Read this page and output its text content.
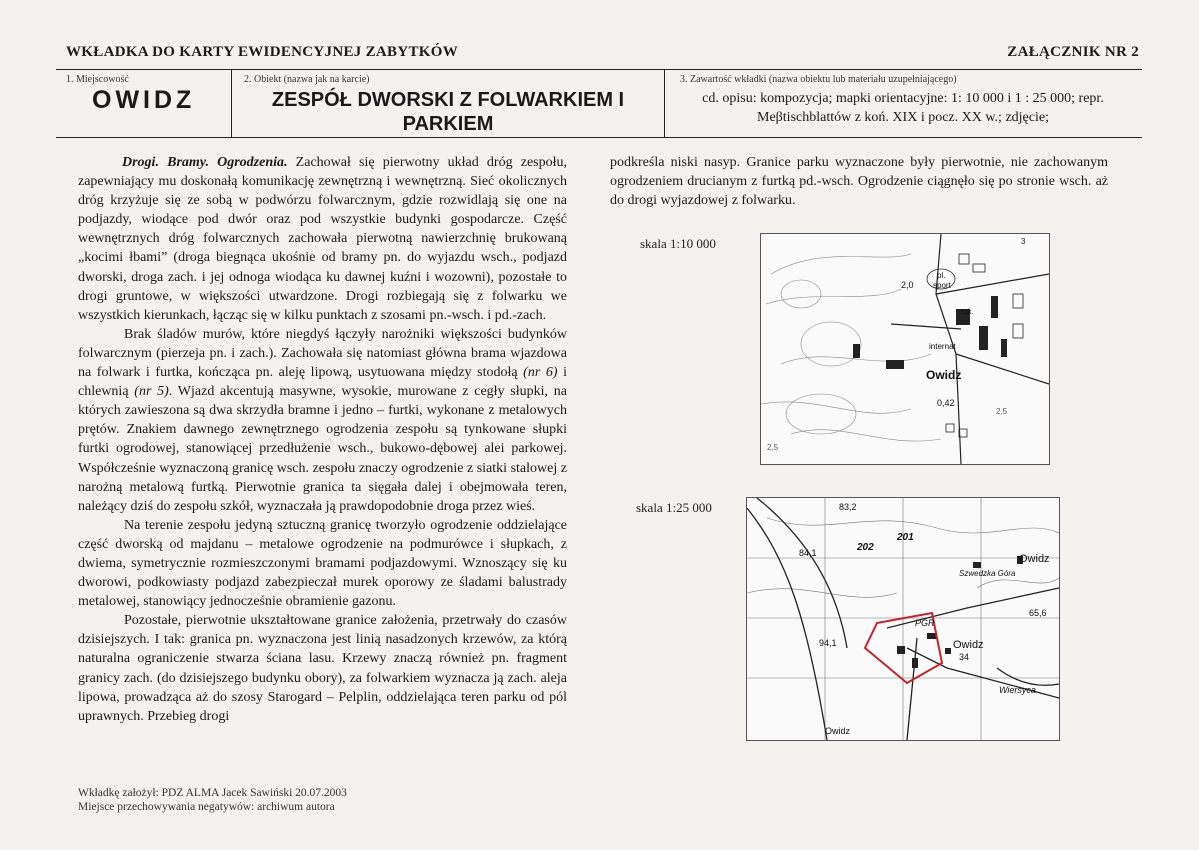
WKŁADKA DO KARTY EWIDENCYJNEJ ZABYTKÓW	ZAŁĄCZNIK NR 2
1. Miejscowość
OWIDZ
2. Obiekt (nazwa jak na karcie)
ZESPÓŁ DWORSKI Z FOLWARKIEM I PARKIEM
3. Zawartość wkładki (nazwa obiektu lub materiału uzupełniającego)
cd. opisu: kompozycja; mapki orientacyjne: 1: 10 000 i 1 : 25 000; repr. Meβtischblattów z koń. XIX i pocz. XX w.; zdjęcie;

Drogi. Bramy. Ogrodzenia. Zachował się pierwotny układ dróg zespołu, zapewniający mu doskonałą komunikację zewnętrzną i wewnętrzną. Sieć okolicznych dróg krzyżuje się ze sobą w podwórzu folwarcznym, gdzie rozwidlają się one na podjazdy, wiodące pod dwór oraz pod wszystkie budynki gospodarcze. Część wewnętrznych dróg folwarcznych zachowała pierwotną nawierzchnię brukowaną „kocimi łbami” (droga biegnąca ukośnie od bramy pn. do wyjazdu wsch., podjazd dworski, droga zach. i jej odnoga wiodąca ku dawnej kuźni i wozowni), pozostałe to drogi gruntowe, w większości utwardzone. Drogi rozbiegają się z folwarku we wszystkich kierunkach, łącząc się w kilku punktach z szosami pn.-wsch. i pd.-zach.

Brak śladów murów, które niegdyś łączyły narożniki większości budynków folwarcznym (pierzeja pn. i zach.). Zachowała się natomiast główna brama wjazdowa na folwark i furtka, kończąca pn. aleję lipową, usytuowana między stodołą (nr 6) i chlewnią (nr 5). Wjazd akcentują masywne, wysokie, murowane z cegły słupki, na których zawieszona są dwa skrzydła bramne i jedno – furtki, wykonane z metalowych prętów. Znakiem dawnego zewnętrznego ogrodzenia zespołu są tynkowane słupki furtki ogrodowej, stanowiącej przedłużenie wsch., bukowo-dębowej alei parkowej. Współcześnie wyznaczoną granicę wsch. zespołu znaczy ogrodzenie z siatki stalowej z narożną metalową furtką. Pierwotnie granica ta sięgała dalej i obejmowała teren, należący dziś do zespołu szkół, wyznaczała ją prawdopodobnie droga przez wieś.

Na terenie zespołu jedyną sztuczną granicę tworzyło ogrodzenie oddzielające część dworską od majdanu – metalowe ogrodzenie na podmurówce i słupkach, z dwiema, symetrycznie rozmieszczonymi bramami podjazdowymi. Wznoszący się ku dworowi, podkowiasty podjazd zabezpieczał murek oporowy ze śladami balustrady metalowej, stanowiący jednocześnie obramienie gazonu.

Pozostałe, pierwotnie ukształtowane granice założenia, przetrwały do czasów dzisiejszych. I tak: granica pn. wyznaczona jest linią nasadzonych krzewów, za którą naturalna ograniczenie stwarza ściana lasu. Krzewy znaczą również pn. fragment granicy zach. (do dzisiejszego budynku obory), za folwarkiem wyznacza ją zach. aleja lipowa, prowadząca aż do szosy Starogard – Pelplin, oddzielająca teren parku od pól uprawnych. Przebieg drogi

podkreśla niski nasyp. Granice parku wyznaczone były pierwotnie, nie zachowanym ogrodzeniem drucianym z furtką pd.-wsch. Ogrodzenie ciągnęło się po stronie wsch. aż do drogi wyjazdowej z folwarku.

skala 1:10 000
Owidz
0,42
pl.
sport
szk.
internat
2,0
2,5
2,5
3
skala 1:25 000	83,2
202
201
84,1
Szwedzka Góra
Owidz
65,6
PGR
Owidz
94,1
Wiersyca
Owidz
34
Wkładkę założył: PDZ ALMA Jacek Sawiński 20.07.2003
Miejsce przechowywania negatywów: archiwum autora
